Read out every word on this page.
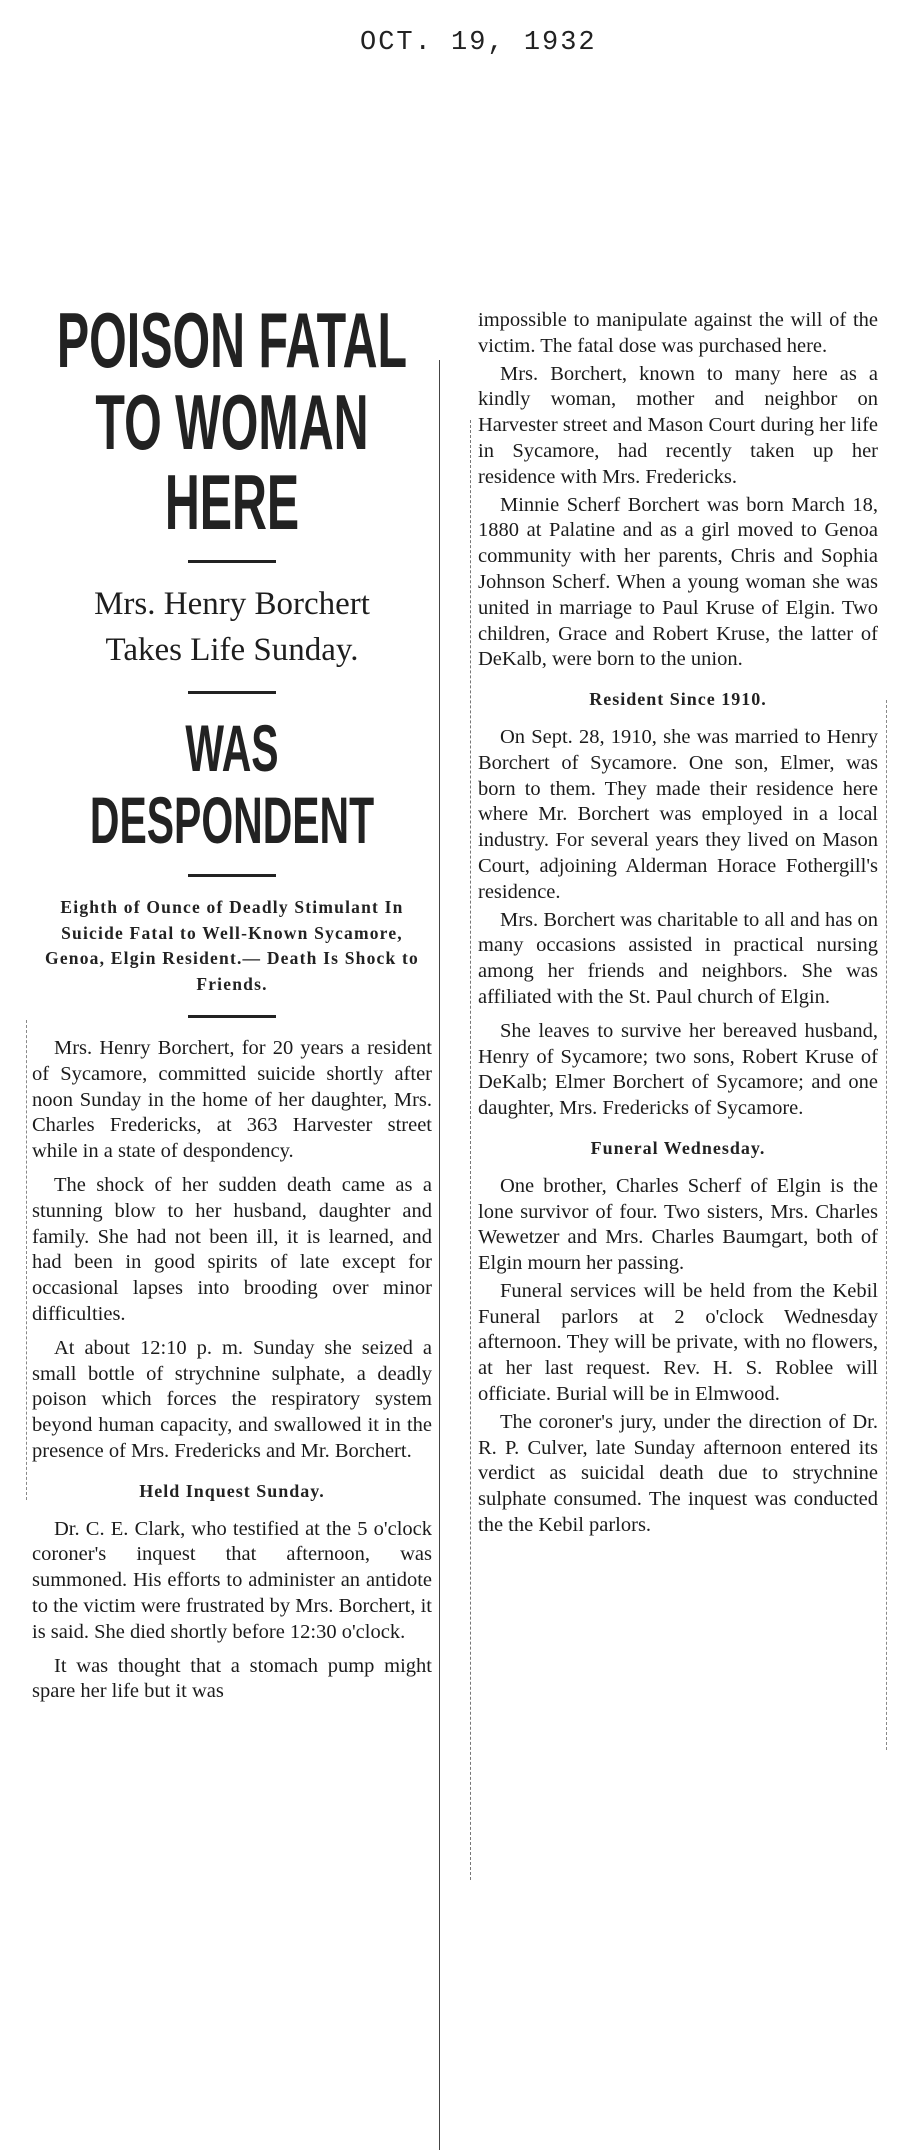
OCT. 19, 1932
POISON FATAL
TO WOMAN HERE
Mrs. Henry Borchert
Takes Life Sunday.
WAS DESPONDENT
Eighth of Ounce of Deadly Stimulant In Suicide Fatal to Well-Known Sycamore, Genoa, Elgin Resident.— Death Is Shock to Friends.

Mrs. Henry Borchert, for 20 years a resident of Sycamore, committed suicide shortly after noon Sunday in the home of her daughter, Mrs. Charles Fredericks, at 363 Harvester street while in a state of despondency.

The shock of her sudden death came as a stunning blow to her husband, daughter and family. She had not been ill, it is learned, and had been in good spirits of late except for occasional lapses into brooding over minor difficulties.

At about 12:10 p. m. Sunday she seized a small bottle of strychnine sulphate, a deadly poison which forces the respiratory system beyond human capacity, and swallowed it in the presence of Mrs. Fredericks and Mr. Borchert.

Held Inquest Sunday.

Dr. C. E. Clark, who testified at the 5 o'clock coroner's inquest that afternoon, was summoned. His efforts to administer an antidote to the victim were frustrated by Mrs. Borchert, it is said. She died shortly before 12:30 o'clock.

It was thought that a stomach pump might spare her life but it was

impossible to manipulate against the will of the victim. The fatal dose was purchased here.

Mrs. Borchert, known to many here as a kindly woman, mother and neighbor on Harvester street and Mason Court during her life in Sycamore, had recently taken up her residence with Mrs. Fredericks.

Minnie Scherf Borchert was born March 18, 1880 at Palatine and as a girl moved to Genoa community with her parents, Chris and Sophia Johnson Scherf. When a young woman she was united in marriage to Paul Kruse of Elgin. Two children, Grace and Robert Kruse, the latter of DeKalb, were born to the union.

Resident Since 1910.

On Sept. 28, 1910, she was married to Henry Borchert of Sycamore. One son, Elmer, was born to them. They made their residence here where Mr. Borchert was employed in a local industry. For several years they lived on Mason Court, adjoining Alderman Horace Fothergill's residence.

Mrs. Borchert was charitable to all and has on many occasions assisted in practical nursing among her friends and neighbors. She was affiliated with the St. Paul church of Elgin.

She leaves to survive her bereaved husband, Henry of Sycamore; two sons, Robert Kruse of DeKalb; Elmer Borchert of Sycamore; and one daughter, Mrs. Fredericks of Sycamore.

Funeral Wednesday.

One brother, Charles Scherf of Elgin is the lone survivor of four. Two sisters, Mrs. Charles Wewetzer and Mrs. Charles Baumgart, both of Elgin mourn her passing.

Funeral services will be held from the Kebil Funeral parlors at 2 o'clock Wednesday afternoon. They will be private, with no flowers, at her last request. Rev. H. S. Roblee will officiate. Burial will be in Elmwood.

The coroner's jury, under the direction of Dr. R. P. Culver, late Sunday afternoon entered its verdict as suicidal death due to strychnine sulphate consumed. The inquest was conducted the the Kebil parlors.
